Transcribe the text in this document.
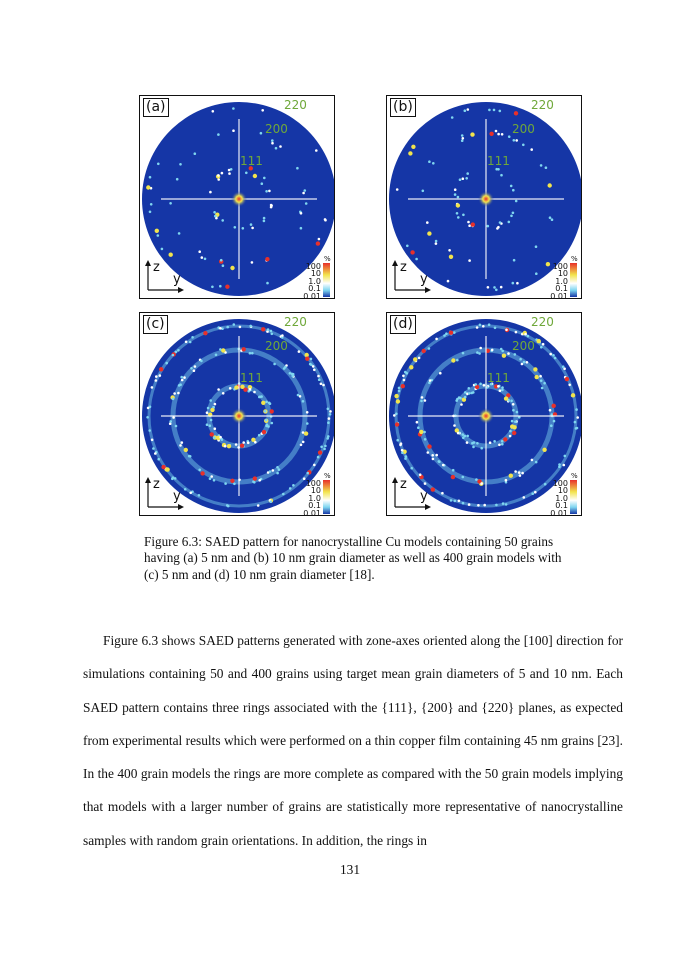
(a)	220
200
111
z
y
%
100
10
1.0
0.1
0.01
(b)	220
200
111
z
y
%
100
10
1.0
0.1
0.01
(c)	220
200
111
z
y
%
100
10
1.0
0.1
0.01
(d)	220
200
111
z
y
%
100
10
1.0
0.1
0.01
Figure 6.3: SAED pattern for nanocrystalline Cu models containing 50 grains having (a) 5 nm and (b) 10 nm grain diameter as well as 400 grain models with (c) 5 nm and (d) 10 nm grain diameter [18].
Figure 6.3 shows SAED patterns generated with zone-axes oriented along the [100] direction for simulations containing 50 and 400 grains using target mean grain diameters of 5 and 10 nm. Each SAED pattern contains three rings associated with the {111}, {200} and {220} planes, as expected from experimental results which were performed on a thin copper film containing 45 nm grains [23]. In the 400 grain models the rings are more complete as compared with the 50 grain models implying that models with a larger number of grains are statistically more representative of nanocrystalline samples with random grain orientations. In addition, the rings in
131
